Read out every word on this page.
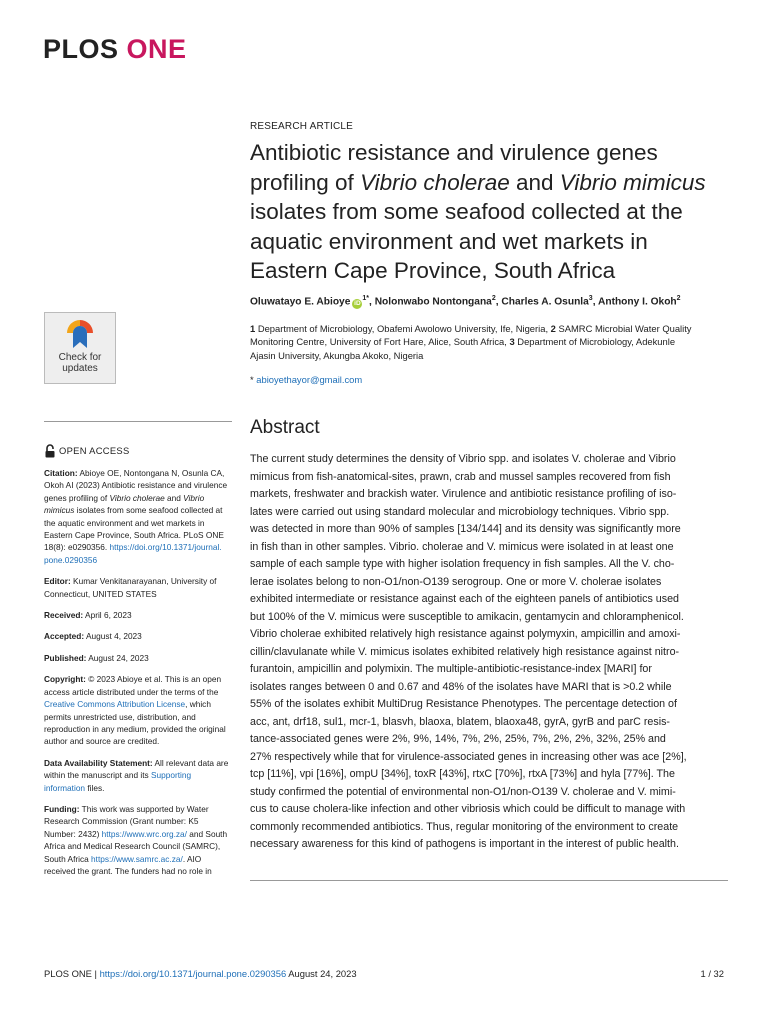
PLOS ONE
RESEARCH ARTICLE
Antibiotic resistance and virulence genes
profiling of Vibrio cholerae and Vibrio mimicus
isolates from some seafood collected at the
aquatic environment and wet markets in
Eastern Cape Province, South Africa
Oluwatayo E. Abioye $iD^{1*}$, Nolonwabo Nontongana$^2$, Charles A. Osunla$^3$, Anthony I. Okoh$^2$
1 Department of Microbiology, Obafemi Awolowo University, Ife, Nigeria, 2 SAMRC Microbial Water Quality
Monitoring Centre, University of Fort Hare, Alice, South Africa, 3 Department of Microbiology, Adekunle
Ajasin University, Akungba Akoko, Nigeria
* abioyethayor@gmail.com
Check for
updates
OPEN ACCESS
Citation: Abioye OE, Nontongana N, Osunla CA,
Okoh AI (2023) Antibiotic resistance and virulence
genes profiling of Vibrio cholerae and Vibrio
mimicus isolates from some seafood collected at
the aquatic environment and wet markets in
Eastern Cape Province, South Africa. PLoS ONE
18(8): e0290356. https://doi.org/10.1371/journal.
pone.0290356
Editor: Kumar Venkitanarayanan, University of
Connecticut, UNITED STATES
Received: April 6, 2023
Accepted: August 4, 2023
Published: August 24, 2023
Copyright: © 2023 Abioye et al. This is an open
access article distributed under the terms of the
Creative Commons Attribution License, which
permits unrestricted use, distribution, and
reproduction in any medium, provided the original
author and source are credited.
Data Availability Statement: All relevant data are
within the manuscript and its Supporting
information files.
Funding: This work was supported by Water
Research Commission (Grant number: K5
Number: 2432) https://www.wrc.org.za/ and South
Africa and Medical Research Council (SAMRC),
South Africa https://www.samrc.ac.za/. AIO
received the grant. The funders had no role in
Abstract

The current study determines the density of Vibrio spp. and isolates V. cholerae and Vibrio

mimicus from fish-anatomical-sites, prawn, crab and mussel samples recovered from fish

markets, freshwater and brackish water. Virulence and antibiotic resistance profiling of iso-

lates were carried out using standard molecular and microbiology techniques. Vibrio spp.

was detected in more than 90% of samples [134/144] and its density was significantly more

in fish than in other samples. Vibrio. cholerae and V. mimicus were isolated in at least one

sample of each sample type with higher isolation frequency in fish samples. All the V. cho-

lerae isolates belong to non-O1/non-O139 serogroup. One or more V. cholerae isolates

exhibited intermediate or resistance against each of the eighteen panels of antibiotics used

but 100% of the V. mimicus were susceptible to amikacin, gentamycin and chloramphenicol.

Vibrio cholerae exhibited relatively high resistance against polymyxin, ampicillin and amoxi-

cillin/clavulanate while V. mimicus isolates exhibited relatively high resistance against nitro-

furantoin, ampicillin and polymixin. The multiple-antibiotic-resistance-index [MARI] for

isolates ranges between 0 and 0.67 and 48% of the isolates have MARI that is >0.2 while

55% of the isolates exhibit MultiDrug Resistance Phenotypes. The percentage detection of

acc, ant, drf18, sul1, mcr-1, blasvh, blaoxa, blatem, blaoxa48, gyrA, gyrB and parC resis-

tance-associated genes were 2%, 9%, 14%, 7%, 2%, 25%, 7%, 2%, 2%, 32%, 25% and

27% respectively while that for virulence-associated genes in increasing other was ace [2%],

tcp [11%], vpi [16%], ompU [34%], toxR [43%], rtxC [70%], rtxA [73%] and hyla [77%]. The

study confirmed the potential of environmental non-O1/non-O139 V. cholerae and V. mimi-

cus to cause cholera-like infection and other vibriosis which could be difficult to manage with

commonly recommended antibiotics. Thus, regular monitoring of the environment to create

necessary awareness for this kind of pathogens is important in the interest of public health.

PLOS ONE | https://doi.org/10.1371/journal.pone.0290356 August 24, 2023	1 / 32
